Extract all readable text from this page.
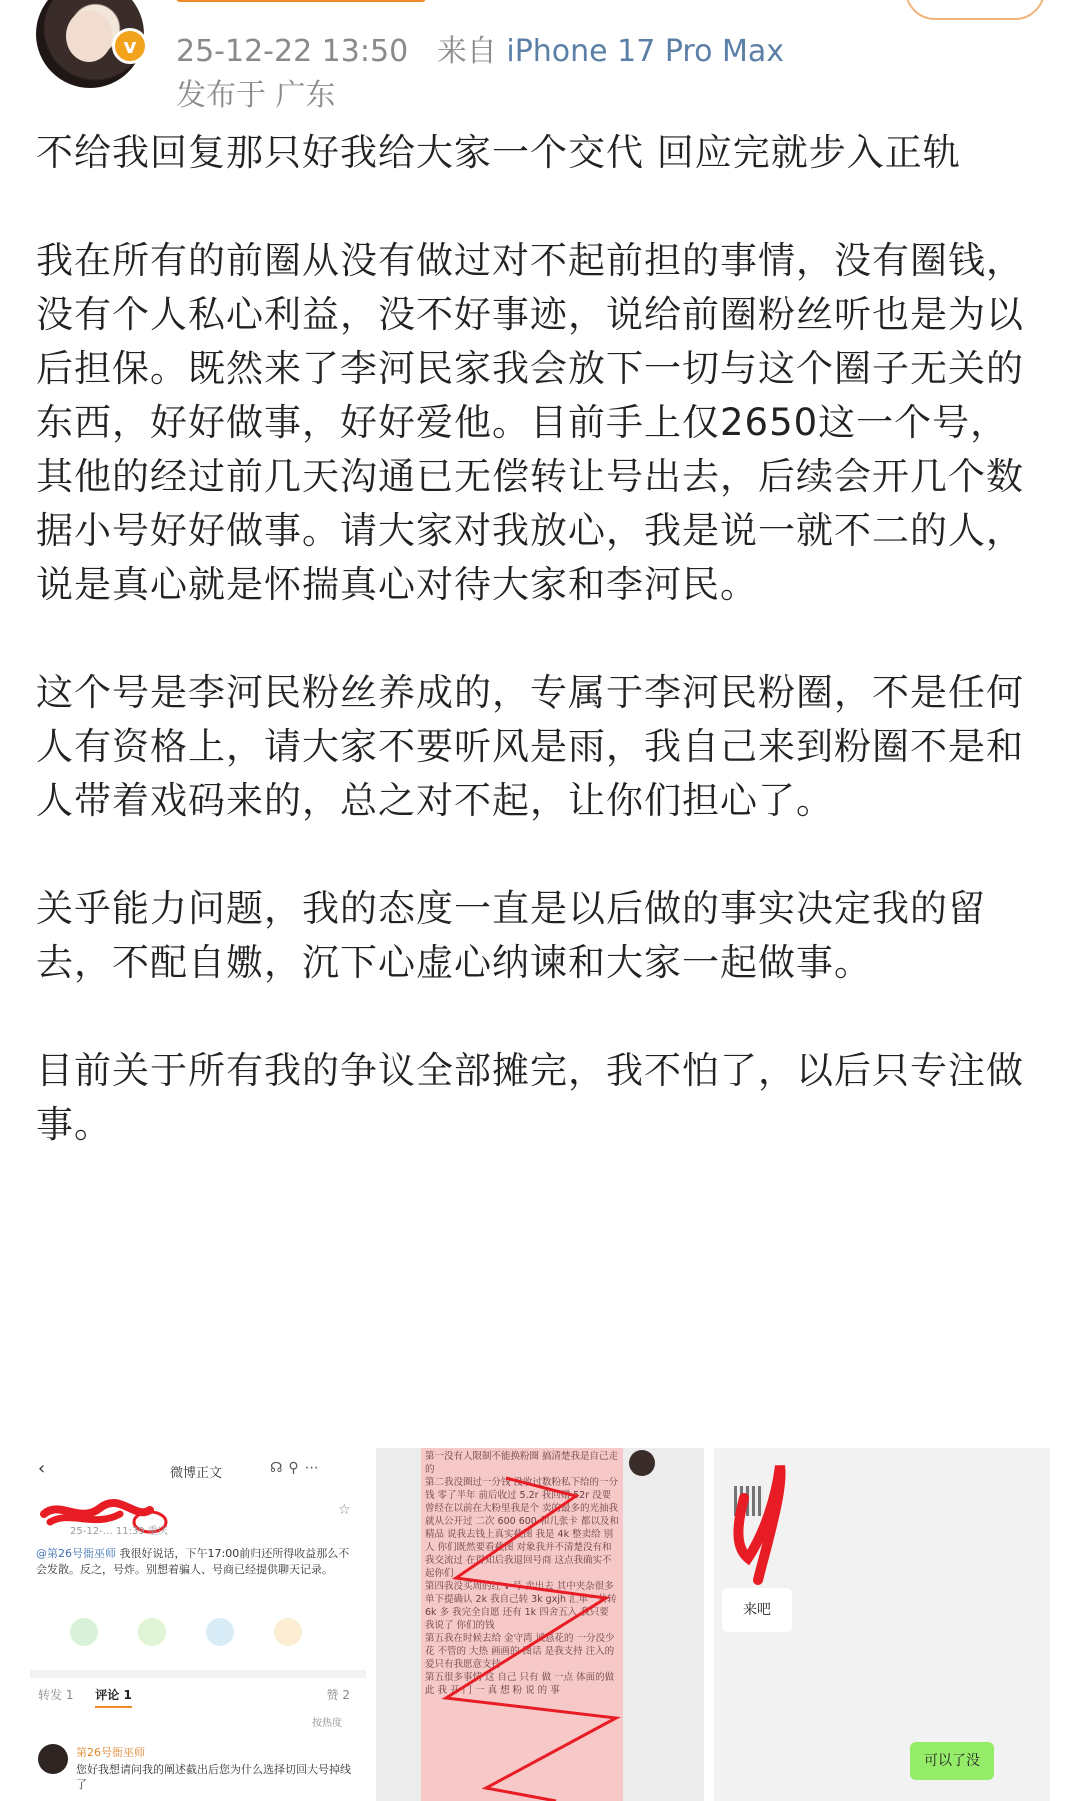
v	25-12-22 13:50 来自 iPhone 17 Pro Max
发布于 广东

不给我回复那只好我给大家一个交代 回应完就步入正轨

我在所有的前圈从没有做过对不起前担的事情，没有圈钱，没有个人私心利益，没不好事迹，说给前圈粉丝听也是为以后担保。既然来了李河民家我会放下一切与这个圈子无关的东西，好好做事，好好爱他。目前手上仅2650这一个号，其他的经过前几天沟通已无偿转让号出去，后续会开几个数据小号好好做事。请大家对我放心，我是说一就不二的人，说是真心就是怀揣真心对待大家和李河民。

这个号是李河民粉丝养成的，专属于李河民粉圈，不是任何人有资格上，请大家不要听风是雨，我自己来到粉圈不是和人带着戏码来的，总之对不起，让你们担心了。

关乎能力问题，我的态度一直是以后做的事实决定我的留去，不配自嫐，沉下心虚心纳谏和大家一起做事。

目前关于所有我的争议全部摊完，我不怕了，以后只专注做事。

‹	微博正文	☊⚲⋯
☆
25-12-… 11:39 重庆
@第26号衙巫师 我很好说话，下午17:00前归还所得收益那么不会发散。反之，号炸。别想着骗人、号商已经提供聊天记录。
转发 1 评论 1	赞 2
按热度
第26号衙巫师
您好我想请问我的阐述截出后您为什么选择切回大号掉线了
第一没有人限制不能换粉圈 搞清楚我是自己走的
第二我没圈过一分钱 没收过数粉私下给的一分钱 零了半年 前后收过 5.2r 我回赠 52r 没要 曾经在以前在大粉里我是个 卖的最多的光抽我就从公开过 二次 600 600 和几张卡 都以及和精品 说我去钱上真实截图 我是 4k 整卖给 别人 你们既然要看截图 对象我并不清楚没有和我交流过 在得知后我退回号商 这点我确实不起你们
第四我没买周的红 v 号 卖出去 其中夹杂很多 单下提确认 2k 我自己转 3k gxjh 汇单一共转 6k 多 我完全自愿 还有 1k 四舍五入 我只要 我说了 你们的钱
第五我在时候去给 金守湾 诚恳花的 一分没少花 不管的 大热 画画的 图话 是我支持 注入的 爱只有我愿意支持
第五很多事情 这 自己 只有 做 一点 体面的做 此 我 开 门 一 真 想 粉 说 的 事
来吧
可以了没
